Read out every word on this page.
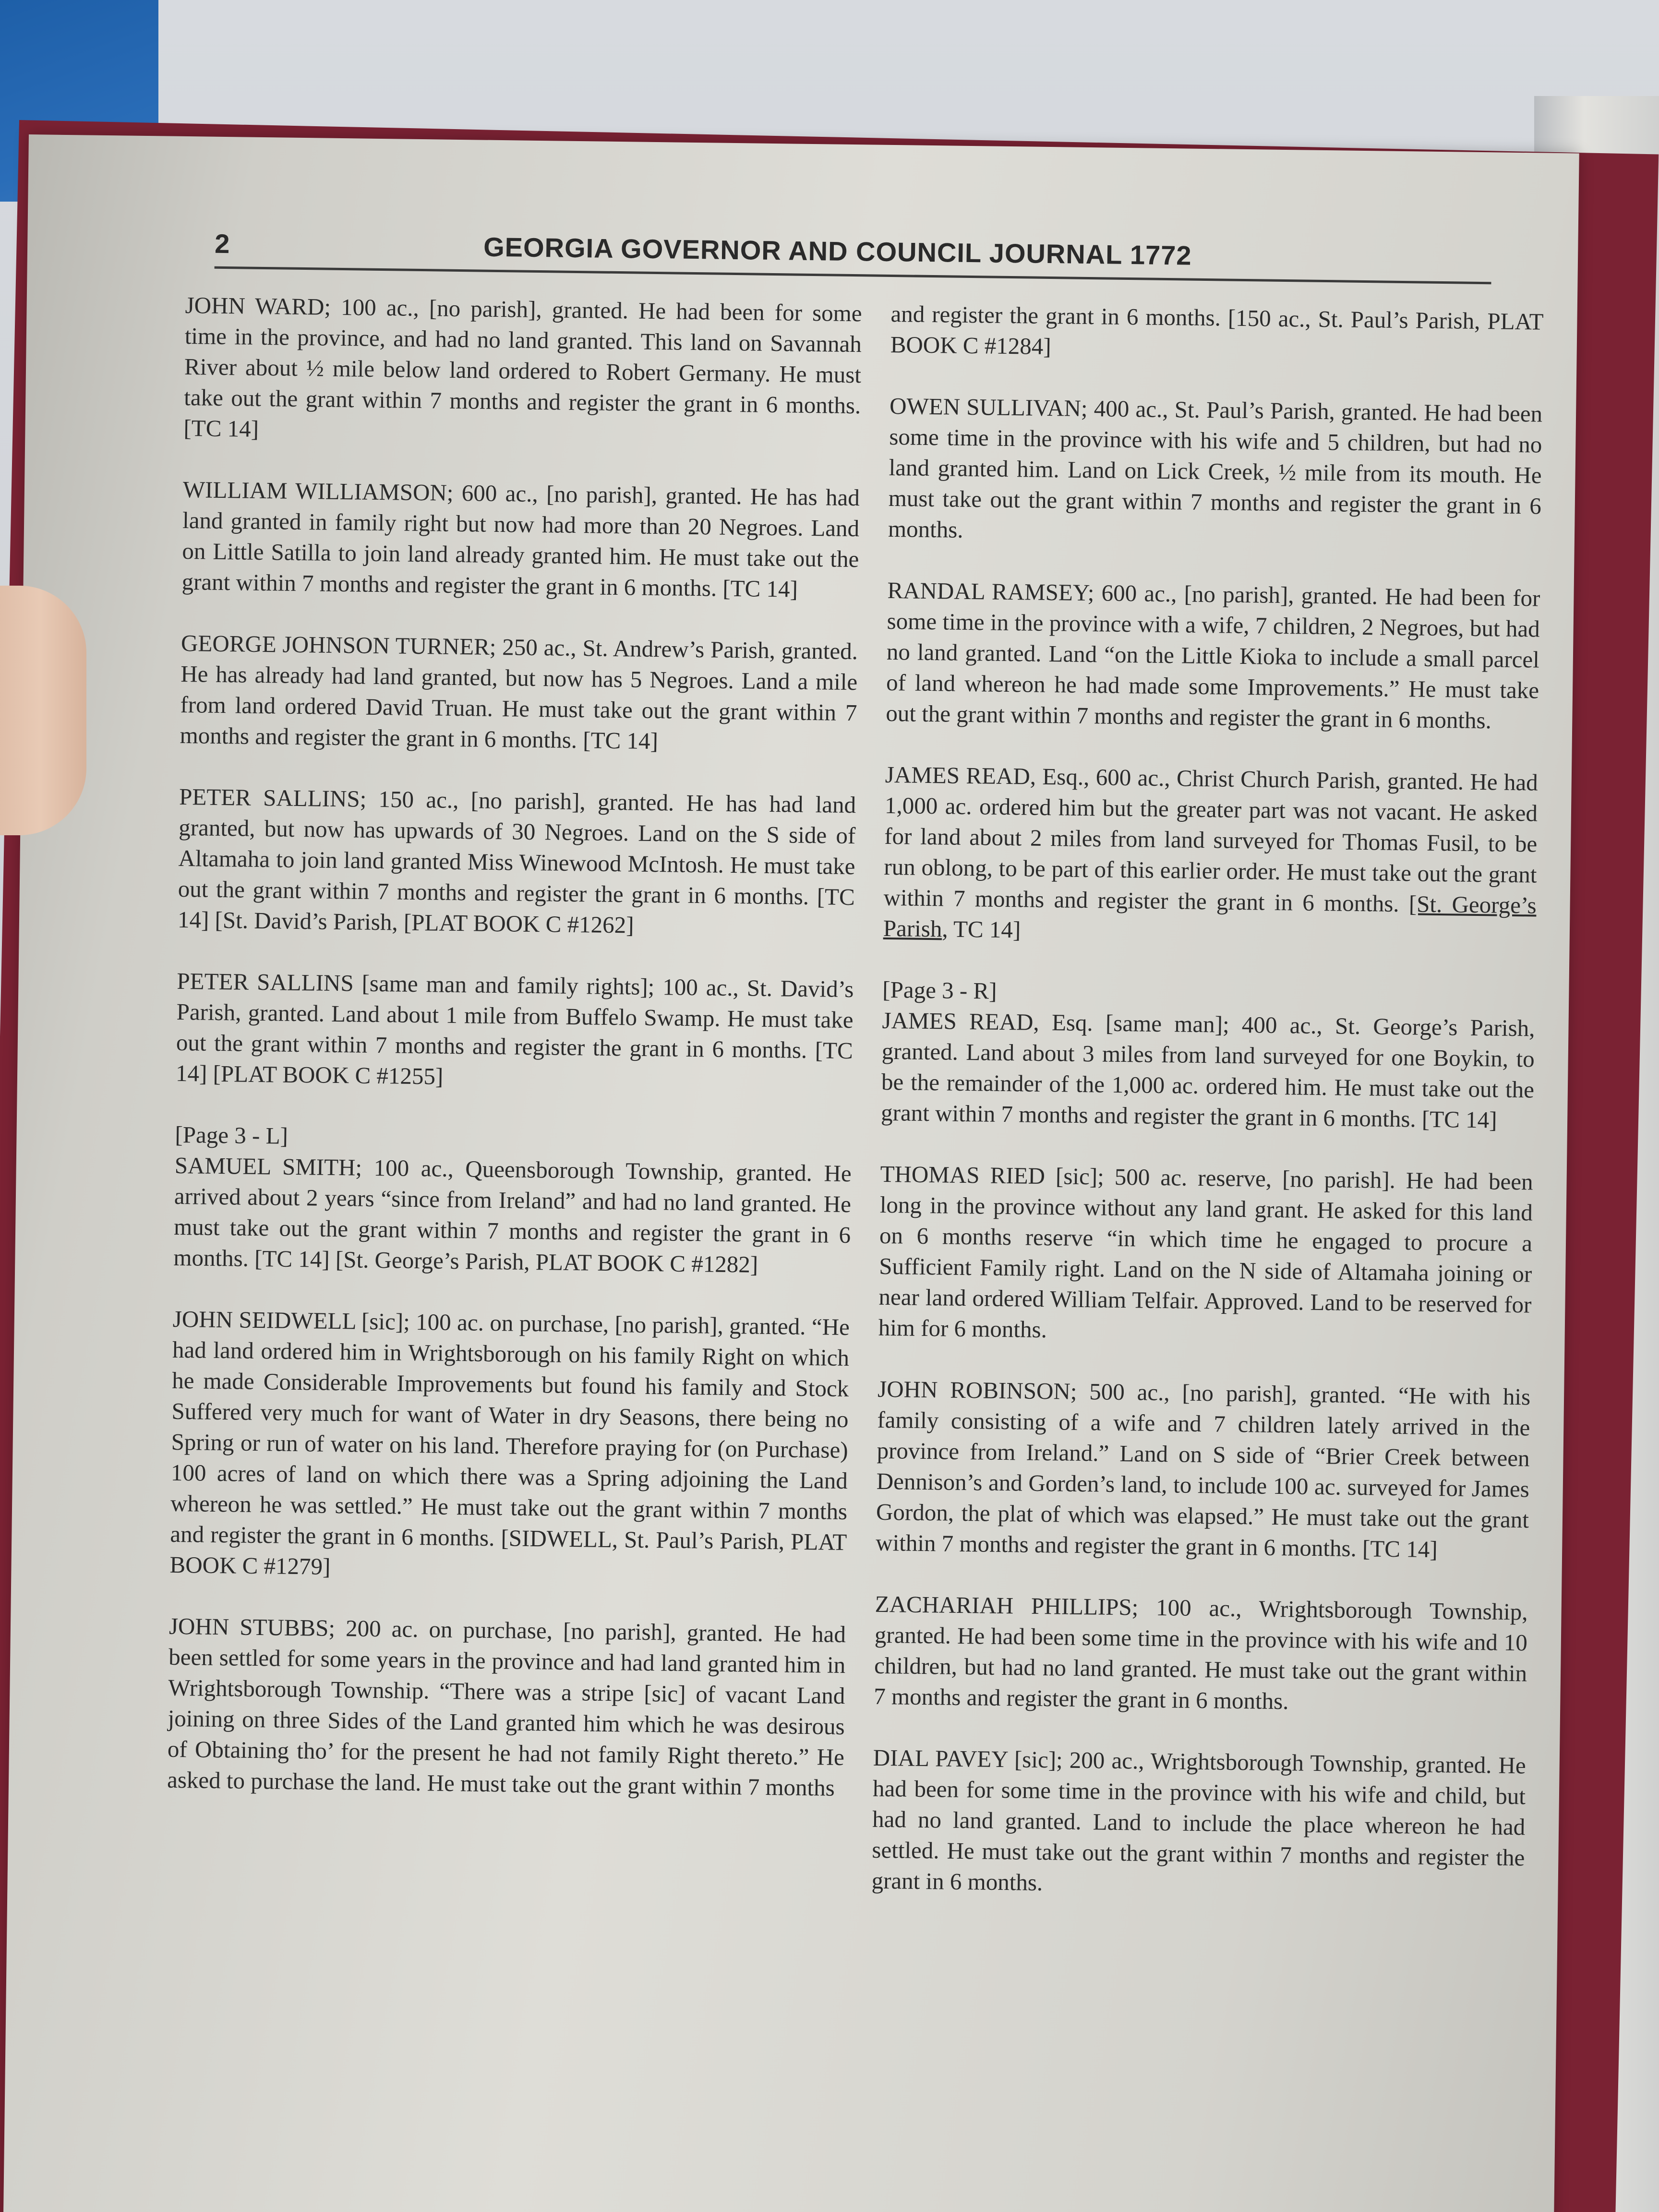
2	GEORGIA GOVERNOR AND COUNCIL JOURNAL 1772

JOHN WARD; 100 ac., [no parish], granted. He had been for some time in the province, and had no land granted. This land on Savannah River about ½ mile below land ordered to Robert Germany. He must take out the grant within 7 months and register the grant in 6 months. [TC 14]

WILLIAM WILLIAMSON; 600 ac., [no parish], granted. He has had land granted in family right but now had more than 20 Negroes. Land on Little Satilla to join land already granted him. He must take out the grant within 7 months and register the grant in 6 months. [TC 14]

GEORGE JOHNSON TURNER; 250 ac., St. Andrew’s Parish, granted. He has already had land granted, but now has 5 Negroes. Land a mile from land ordered David Truan. He must take out the grant within 7 months and register the grant in 6 months. [TC 14]

PETER SALLINS; 150 ac., [no parish], granted. He has had land granted, but now has upwards of 30 Negroes. Land on the S side of Altamaha to join land granted Miss Winewood McIntosh. He must take out the grant within 7 months and register the grant in 6 months. [TC 14] [St. David’s Parish, [PLAT BOOK C #1262]

PETER SALLINS [same man and family rights]; 100 ac., St. David’s Parish, granted. Land about 1 mile from Buffelo Swamp. He must take out the grant within 7 months and register the grant in 6 months. [TC 14] [PLAT BOOK C #1255]

[Page 3 - L]
SAMUEL SMITH; 100 ac., Queensborough Township, granted. He arrived about 2 years “since from Ireland” and had no land granted. He must take out the grant within 7 months and register the grant in 6 months. [TC 14] [St. George’s Parish, PLAT BOOK C #1282]

JOHN SEIDWELL [sic]; 100 ac. on purchase, [no parish], granted. “He had land ordered him in Wrightsborough on his family Right on which he made Considerable Improvements but found his family and Stock Suffered very much for want of Water in dry Seasons, there being no Spring or run of water on his land. Therefore praying for (on Purchase) 100 acres of land on which there was a Spring adjoining the Land whereon he was settled.” He must take out the grant within 7 months and register the grant in 6 months. [SIDWELL, St. Paul’s Parish, PLAT BOOK C #1279]

JOHN STUBBS; 200 ac. on purchase, [no parish], granted. He had been settled for some years in the province and had land granted him in Wrightsborough Township. “There was a stripe [sic] of vacant Land joining on three Sides of the Land granted him which he was desirous of Obtaining tho’ for the present he had not family Right thereto.” He asked to purchase the land. He must take out the grant within 7 months

and register the grant in 6 months. [150 ac., St. Paul’s Parish, PLAT BOOK C #1284]

OWEN SULLIVAN; 400 ac., St. Paul’s Parish, granted. He had been some time in the province with his wife and 5 children, but had no land granted him. Land on Lick Creek, ½ mile from its mouth. He must take out the grant within 7 months and register the grant in 6 months.

RANDAL RAMSEY; 600 ac., [no parish], granted. He had been for some time in the province with a wife, 7 children, 2 Negroes, but had no land granted. Land “on the Little Kioka to include a small parcel of land whereon he had made some Improvements.” He must take out the grant within 7 months and register the grant in 6 months.

JAMES READ, Esq., 600 ac., Christ Church Parish, granted. He had 1,000 ac. ordered him but the greater part was not vacant. He asked for land about 2 miles from land surveyed for Thomas Fusil, to be run oblong, to be part of this earlier order. He must take out the grant within 7 months and register the grant in 6 months. [St. George’s Parish, TC 14]

[Page 3 - R]
JAMES READ, Esq. [same man]; 400 ac., St. George’s Parish, granted. Land about 3 miles from land surveyed for one Boykin, to be the remainder of the 1,000 ac. ordered him. He must take out the grant within 7 months and register the grant in 6 months. [TC 14]

THOMAS RIED [sic]; 500 ac. reserve, [no parish]. He had been long in the province without any land grant. He asked for this land on 6 months reserve “in which time he engaged to procure a Sufficient Family right. Land on the N side of Altamaha joining or near land ordered William Telfair. Approved. Land to be reserved for him for 6 months.

JOHN ROBINSON; 500 ac., [no parish], granted. “He with his family consisting of a wife and 7 children lately arrived in the province from Ireland.” Land on S side of “Brier Creek between Dennison’s and Gorden’s land, to include 100 ac. surveyed for James Gordon, the plat of which was elapsed.” He must take out the grant within 7 months and register the grant in 6 months. [TC 14]

ZACHARIAH PHILLIPS; 100 ac., Wrightsborough Township, granted. He had been some time in the province with his wife and 10 children, but had no land granted. He must take out the grant within 7 months and register the grant in 6 months.

DIAL PAVEY [sic]; 200 ac., Wrightsborough Township, granted. He had been for some time in the province with his wife and child, but had no land granted. Land to include the place whereon he had settled. He must take out the grant within 7 months and register the grant in 6 months.
